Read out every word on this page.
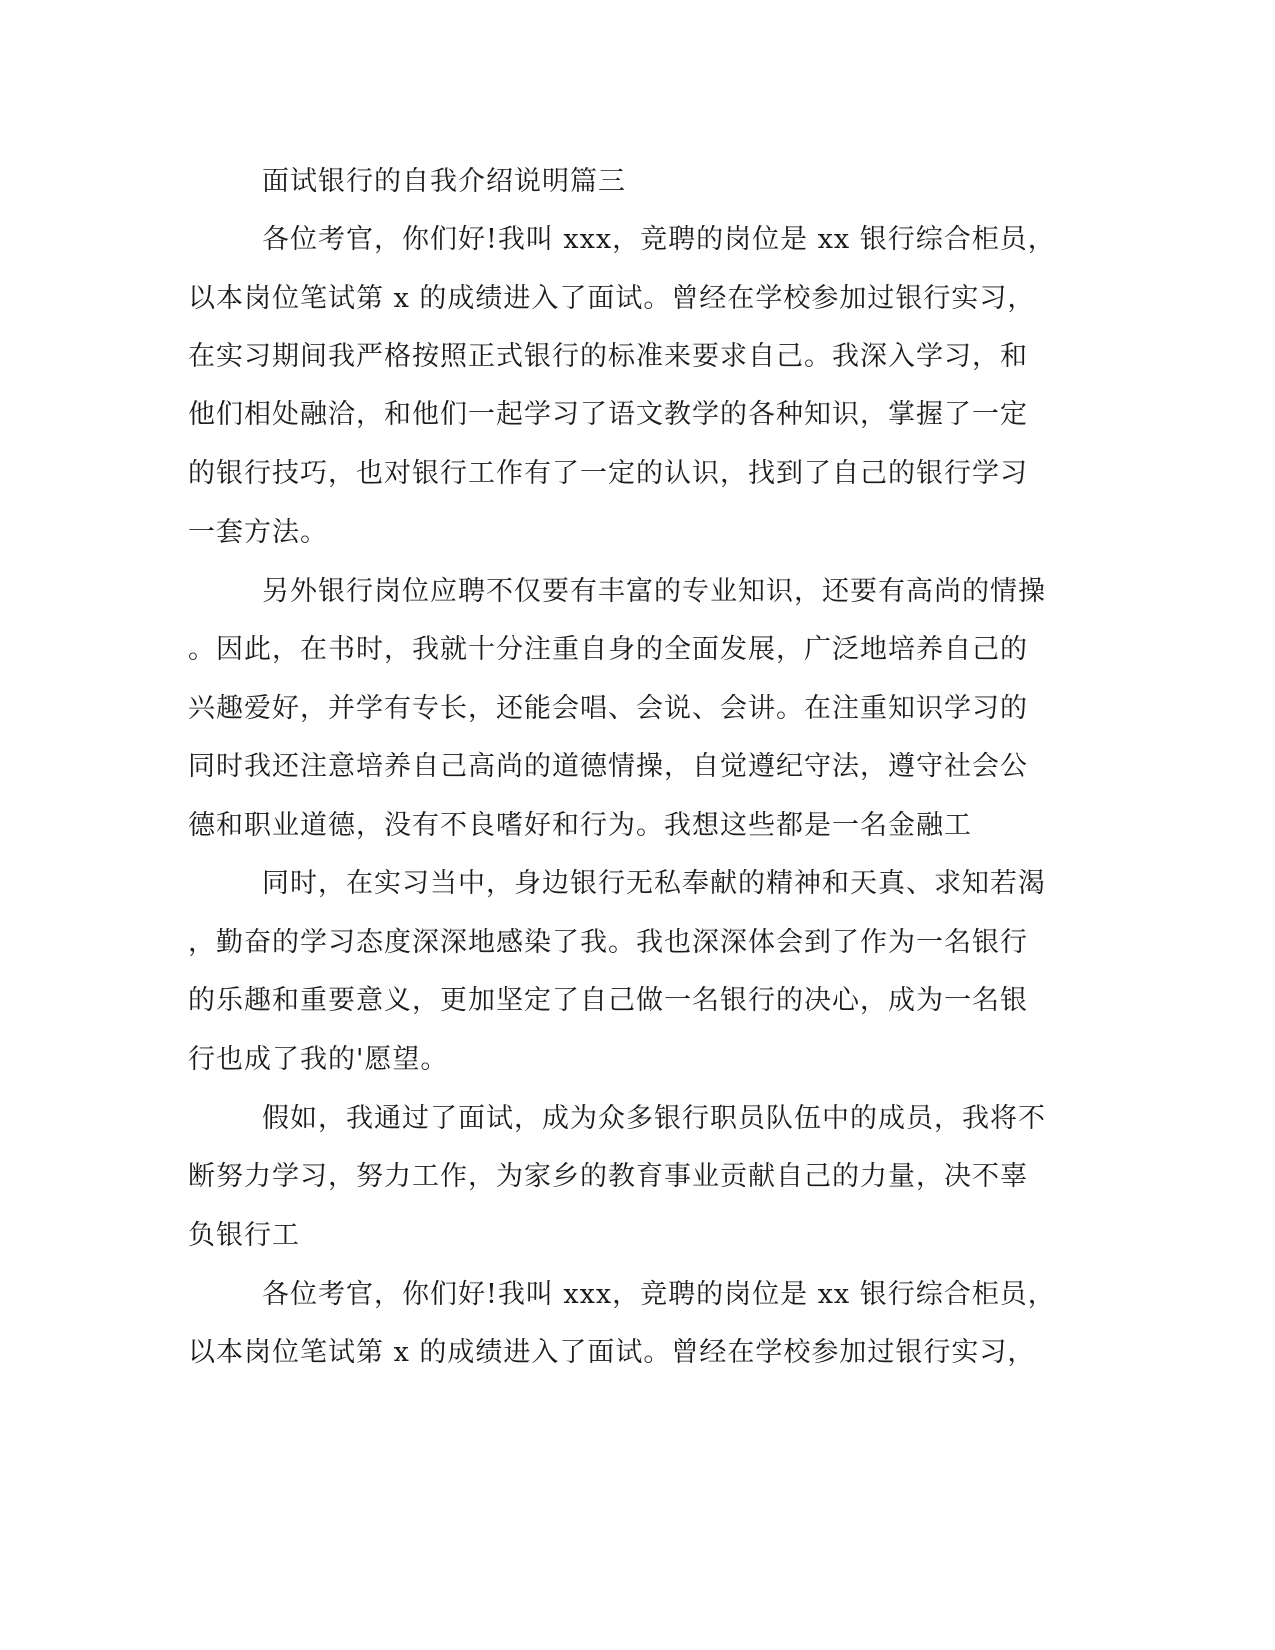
面试银行的自我介绍说明篇三
各位考官，你们好!我叫 xxx，竞聘的岗位是 xx 银行综合柜员，
以本岗位笔试第 x 的成绩进入了面试。曾经在学校参加过银行实习，
在实习期间我严格按照正式银行的标准来要求自己。我深入学习，和
他们相处融洽，和他们一起学习了语文教学的各种知识，掌握了一定
的银行技巧，也对银行工作有了一定的认识，找到了自己的银行学习
一套方法。
另外银行岗位应聘不仅要有丰富的专业知识，还要有高尚的情操
。因此，在书时，我就十分注重自身的全面发展，广泛地培养自己的
兴趣爱好，并学有专长，还能会唱、会说、会讲。在注重知识学习的
同时我还注意培养自己高尚的道德情操，自觉遵纪守法，遵守社会公
德和职业道德，没有不良嗜好和行为。我想这些都是一名金融工
同时，在实习当中，身边银行无私奉献的精神和天真、求知若渴
，勤奋的学习态度深深地感染了我。我也深深体会到了作为一名银行
的乐趣和重要意义，更加坚定了自己做一名银行的决心，成为一名银
行也成了我的'愿望。
假如，我通过了面试，成为众多银行职员队伍中的成员，我将不
断努力学习，努力工作，为家乡的教育事业贡献自己的力量，决不辜
负银行工
各位考官，你们好!我叫 xxx，竞聘的岗位是 xx 银行综合柜员，
以本岗位笔试第 x 的成绩进入了面试。曾经在学校参加过银行实习，
